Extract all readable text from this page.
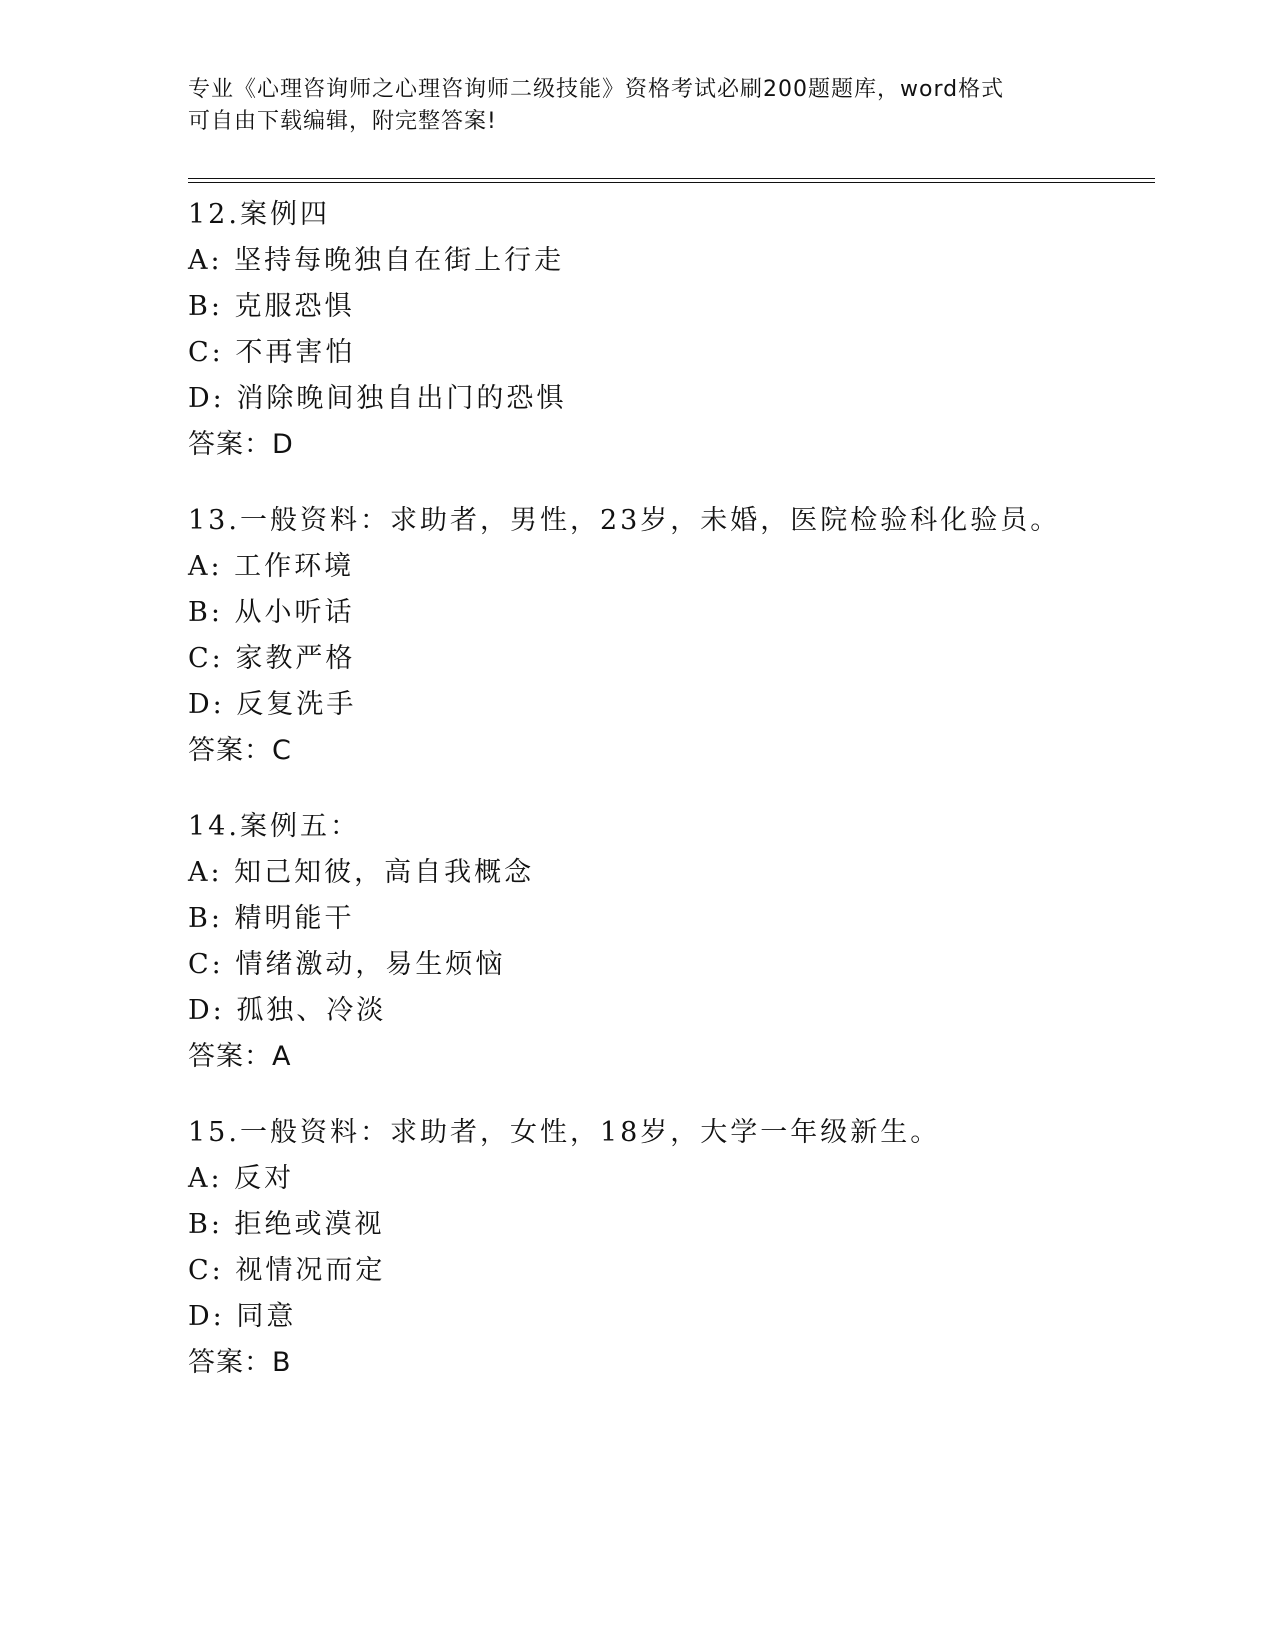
专业《心理咨询师之心理咨询师二级技能》资格考试必刷200题题库，word格式
可自由下载编辑，附完整答案!
12.案例四
A: 坚持每晚独自在街上行走
B: 克服恐惧
C: 不再害怕
D: 消除晚间独自出门的恐惧
答案：D
13.一般资料：求助者，男性，23岁，未婚，医院检验科化验员。
A: 工作环境
B: 从小听话
C: 家教严格
D: 反复洗手
答案：C
14.案例五：
A: 知己知彼，高自我概念
B: 精明能干
C: 情绪激动，易生烦恼
D: 孤独、冷淡
答案：A
15.一般资料：求助者，女性，18岁，大学一年级新生。
A: 反对
B: 拒绝或漠视
C: 视情况而定
D: 同意
答案：B
